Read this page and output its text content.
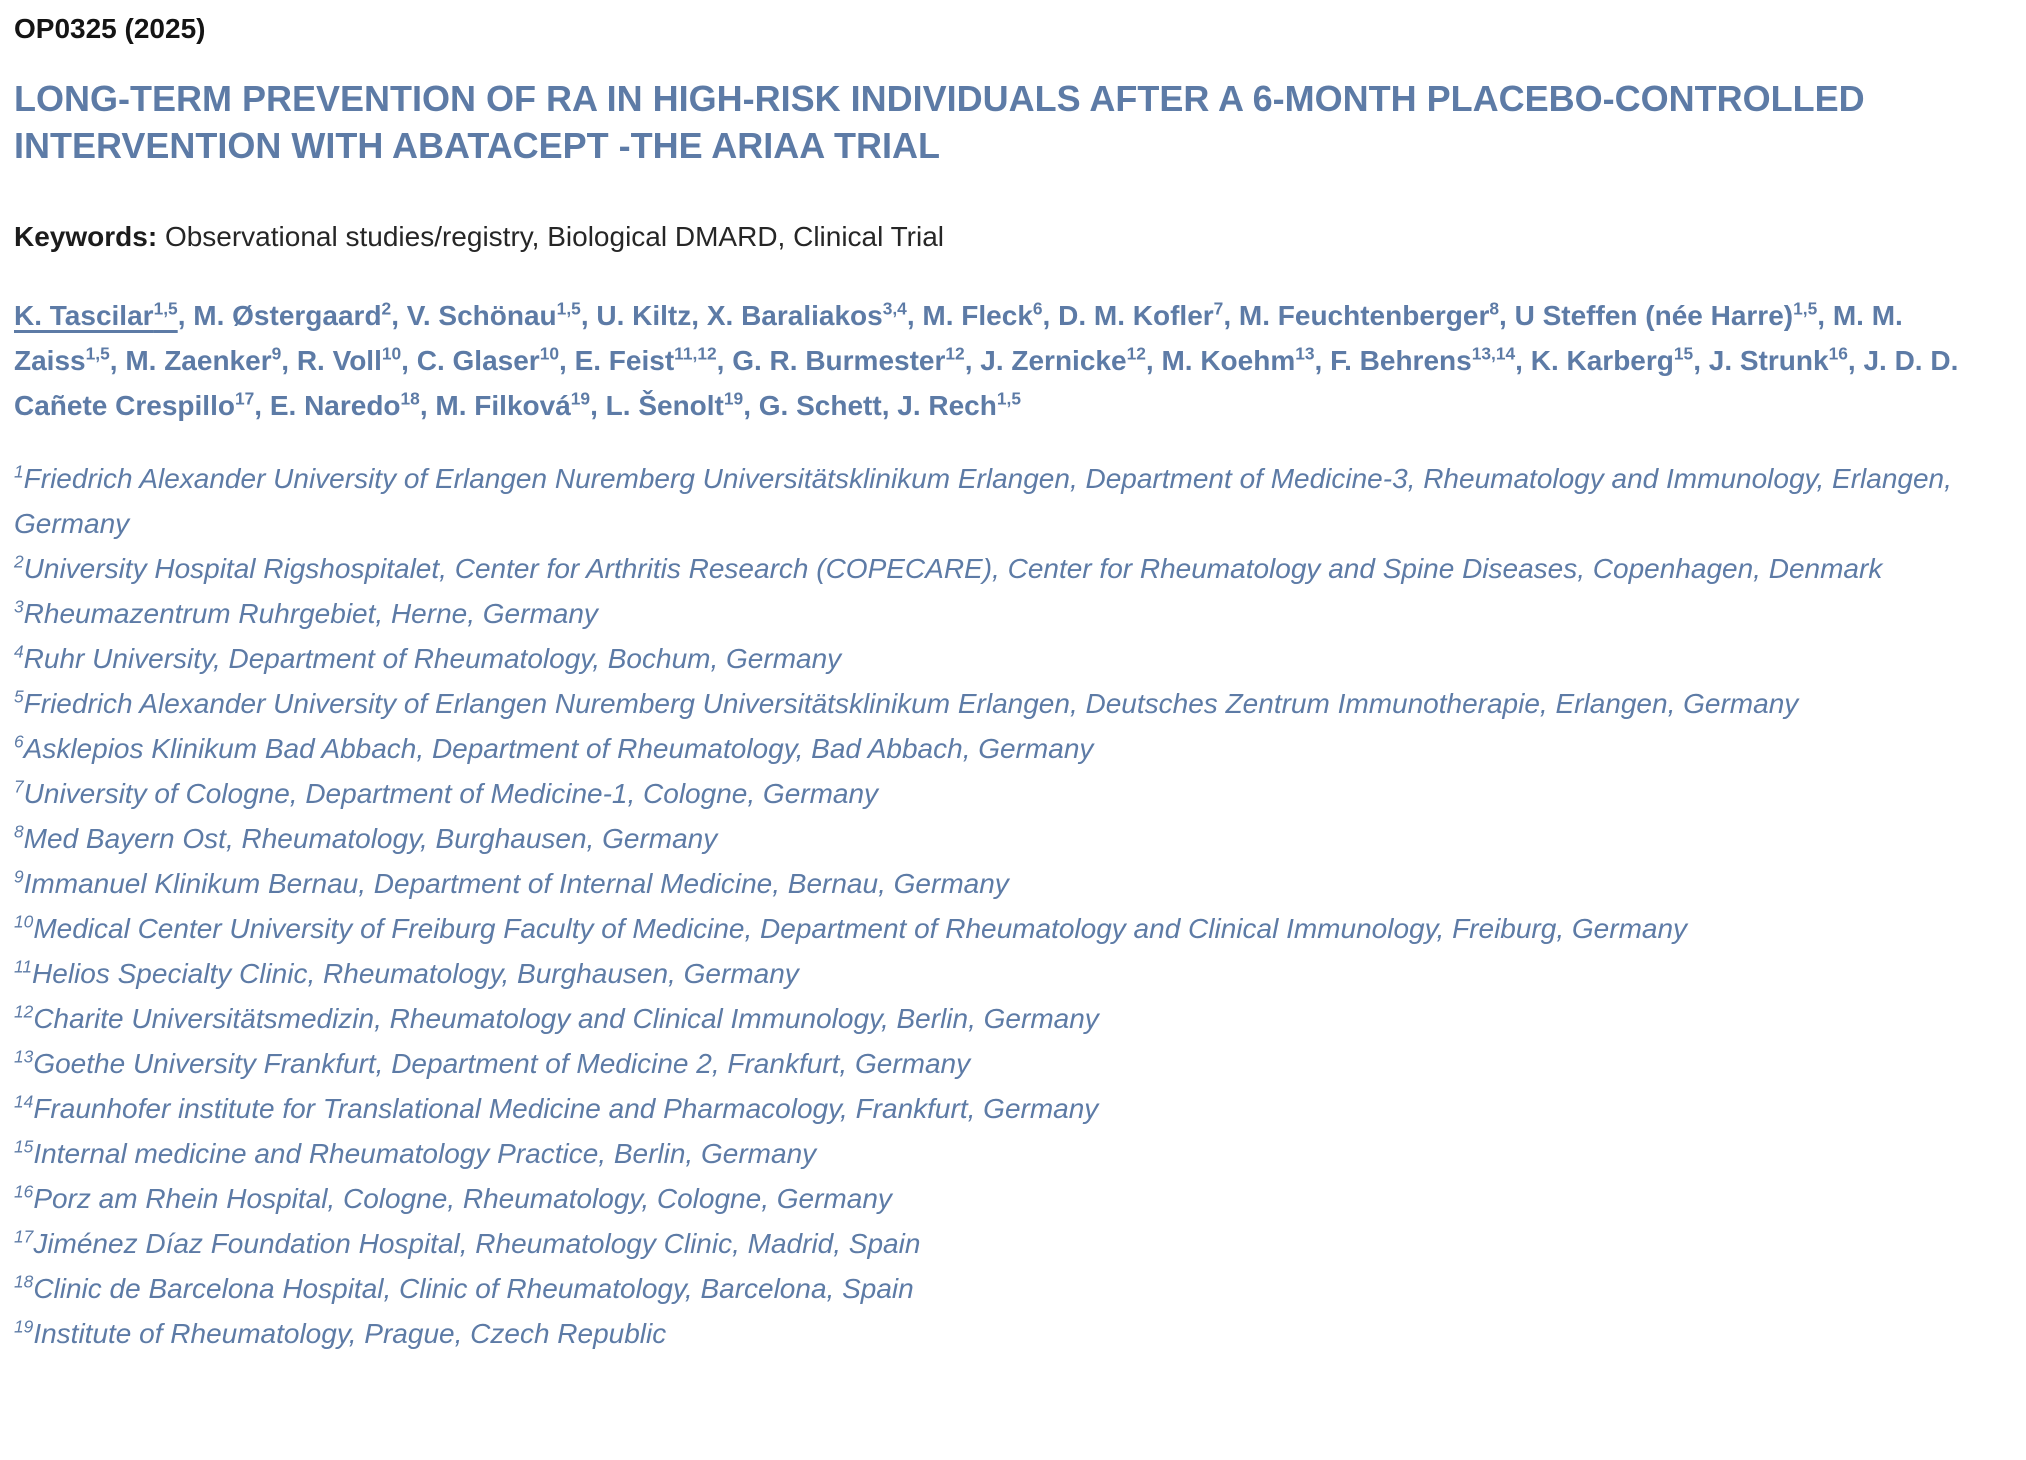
OP0325 (2025)
LONG-TERM PREVENTION OF RA IN HIGH-RISK INDIVIDUALS AFTER A 6-MONTH PLACEBO-CONTROLLED INTERVENTION WITH ABATACEPT -THE ARIAA TRIAL

Keywords: Observational studies/registry, Biological DMARD, Clinical Trial

K. Tascilar$^{1,5}$, M. Østergaard$^2$, V. Schönau$^{1,5}$, U. Kiltz, X. Baraliakos$^{3,4}$, M. Fleck$^6$, D. M. Kofler$^7$, M. Feuchtenberger$^8$, U Steffen (née Harre)$^{1,5}$, M. M. Zaiss$^{1,5}$, M. Zaenker$^9$, R. Voll$^{10}$, C. Glaser$^{10}$, E. Feist$^{11,12}$, G. R. Burmester$^{12}$, J. Zernicke$^{12}$, M. Koehm$^{13}$, F. Behrens$^{13,14}$, K. Karberg$^{15}$, J. Strunk$^{16}$, J. D. D. Cañete Crespillo$^{17}$, E. Naredo$^{18}$, M. Filková$^{19}$, L. Šenolt$^{19}$, G. Schett, J. Rech$^{1,5}$

$^1$Friedrich Alexander University of Erlangen Nuremberg Universitätsklinikum Erlangen, Department of Medicine-3, Rheumatology and Immunology, Erlangen, Germany

$^2$University Hospital Rigshospitalet, Center for Arthritis Research (COPECARE), Center for Rheumatology and Spine Diseases, Copenhagen, Denmark

$^3$Rheumazentrum Ruhrgebiet, Herne, Germany

$^4$Ruhr University, Department of Rheumatology, Bochum, Germany

$^5$Friedrich Alexander University of Erlangen Nuremberg Universitätsklinikum Erlangen, Deutsches Zentrum Immunotherapie, Erlangen, Germany

$^6$Asklepios Klinikum Bad Abbach, Department of Rheumatology, Bad Abbach, Germany

$^7$University of Cologne, Department of Medicine-1, Cologne, Germany

$^8$Med Bayern Ost, Rheumatology, Burghausen, Germany

$^9$Immanuel Klinikum Bernau, Department of Internal Medicine, Bernau, Germany

$^{10}$Medical Center University of Freiburg Faculty of Medicine, Department of Rheumatology and Clinical Immunology, Freiburg, Germany

$^{11}$Helios Specialty Clinic, Rheumatology, Burghausen, Germany

$^{12}$Charite Universitätsmedizin, Rheumatology and Clinical Immunology, Berlin, Germany

$^{13}$Goethe University Frankfurt, Department of Medicine 2, Frankfurt, Germany

$^{14}$Fraunhofer institute for Translational Medicine and Pharmacology, Frankfurt, Germany

$^{15}$Internal medicine and Rheumatology Practice, Berlin, Germany

$^{16}$Porz am Rhein Hospital, Cologne, Rheumatology, Cologne, Germany

$^{17}$Jiménez Díaz Foundation Hospital, Rheumatology Clinic, Madrid, Spain

$^{18}$Clinic de Barcelona Hospital, Clinic of Rheumatology, Barcelona, Spain

$^{19}$Institute of Rheumatology, Prague, Czech Republic
